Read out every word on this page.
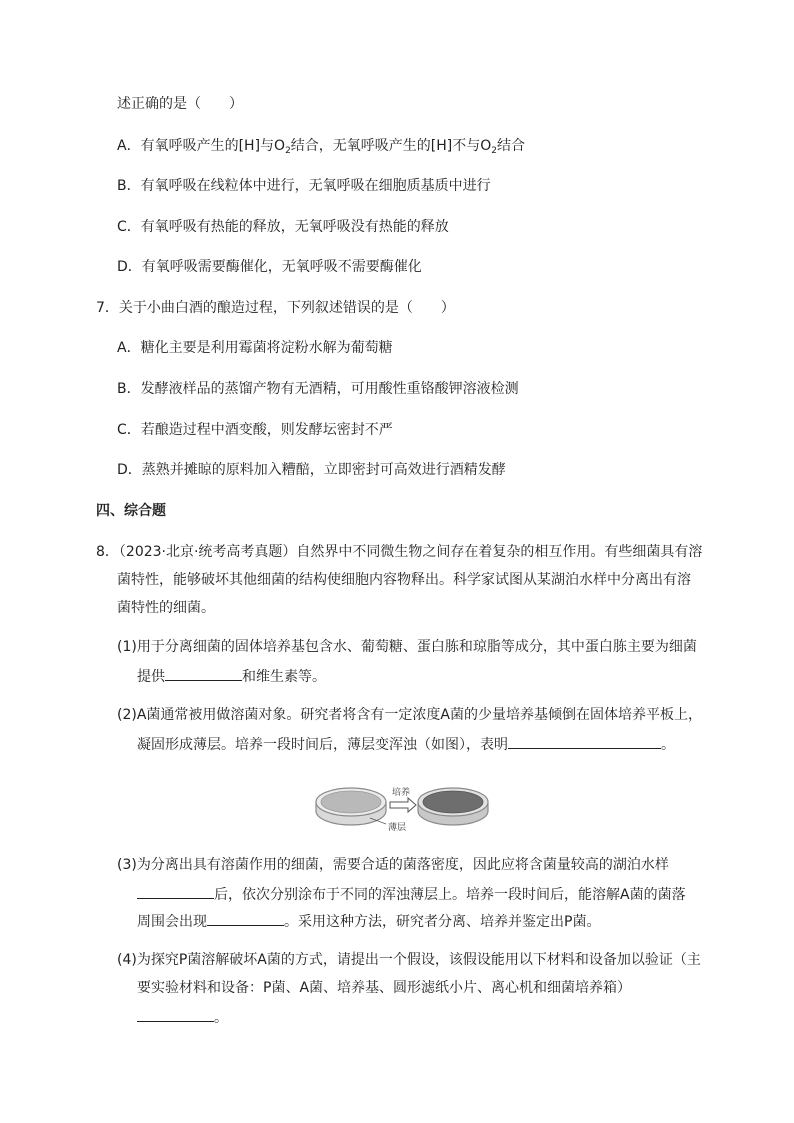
述正确的是（　　）
A．有氧呼吸产生的[H]与$O_2$结合，无氧呼吸产生的[H]不与$O_2$结合
B．有氧呼吸在线粒体中进行，无氧呼吸在细胞质基质中进行
C．有氧呼吸有热能的释放，无氧呼吸没有热能的释放
D．有氧呼吸需要酶催化，无氧呼吸不需要酶催化
7．关于小曲白酒的酿造过程，下列叙述错误的是（　　）
A．糖化主要是利用霉菌将淀粉水解为葡萄糖
B．发酵液样品的蒸馏产物有无酒精，可用酸性重铬酸钾溶液检测
C．若酿造过程中酒变酸，则发酵坛密封不严
D．蒸熟并摊晾的原料加入糟醅，立即密封可高效进行酒精发酵
四、综合题
8．（2023·北京·统考高考真题）自然界中不同微生物之间存在着复杂的相互作用。有些细菌具有溶
菌特性，能够破坏其他细菌的结构使细胞内容物释出。科学家试图从某湖泊水样中分离出有溶
菌特性的细菌。
(1)用于分离细菌的固体培养基包含水、葡萄糖、蛋白胨和琼脂等成分，其中蛋白胨主要为细菌
提供	和维生素等。
(2)A菌通常被用做溶菌对象。研究者将含有一定浓度A菌的少量培养基倾倒在固体培养平板上，
凝固形成薄层。培养一段时间后，薄层变浑浊（如图），表明	。
培养
薄层
(3)为分离出具有溶菌作用的细菌，需要合适的菌落密度，因此应将含菌量较高的湖泊水样
后，依次分别涂布于不同的浑浊薄层上。培养一段时间后，能溶解A菌的菌落
周围会出现	。采用这种方法，研究者分离、培养并鉴定出P菌。
(4)为探究P菌溶解破坏A菌的方式，请提出一个假设，该假设能用以下材料和设备加以验证（主
要实验材料和设备：P菌、A菌、培养基、圆形滤纸小片、离心机和细菌培养箱）
。
